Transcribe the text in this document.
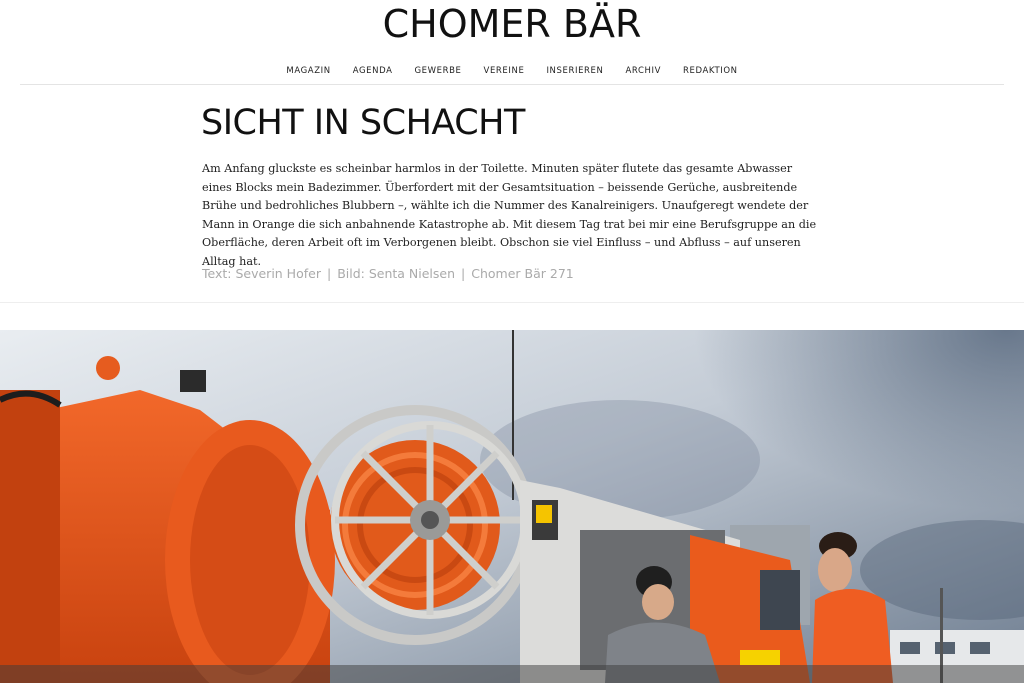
CHOMER BÄR
MAGAZIN	AGENDA	GEWERBE	VEREINE	INSERIEREN	ARCHIV	REDAKTION
SICHT IN SCHACHT

Am Anfang gluckste es scheinbar harmlos in der Toilette. Minuten später flutete das gesamte Abwasser eines Blocks mein Badezimmer. Überfordert mit der Gesamtsituation – beissende Gerüche, ausbreitende Brühe und bedrohliches Blubbern –, wählte ich die Nummer des Kanalreinigers. Unaufgeregt wendete der Mann in Orange die sich anbahnende Katastrophe ab. Mit diesem Tag trat bei mir eine Berufsgruppe an die Oberfläche, deren Arbeit oft im Verborgenen bleibt. Obschon sie viel Einfluss – und Abfluss – auf unseren Alltag hat.

Text: Severin Hofer | Bild: Senta Nielsen | Chomer Bär 271
